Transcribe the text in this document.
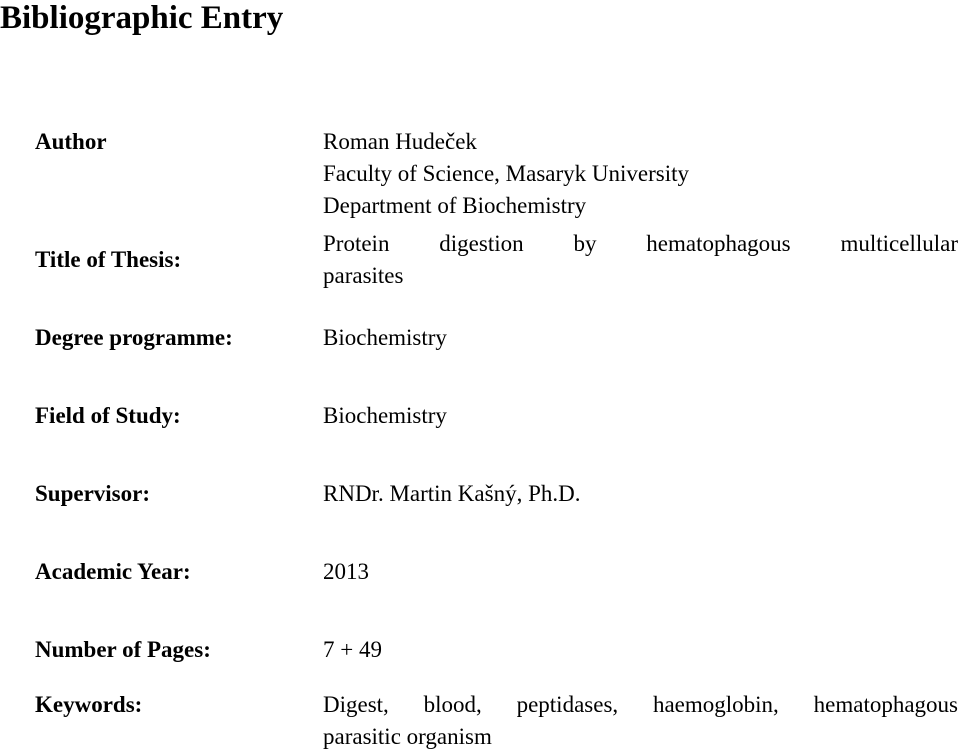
Bibliographic Entry
Author	Roman Hudeček
Faculty of Science, Masaryk University
Department of Biochemistry
Title of Thesis:
Protein digestion by hematophagous multicellular
parasites
Degree programme:	Biochemistry
Field of Study:	Biochemistry
Supervisor:	RNDr. Martin Kašný, Ph.D.
Academic Year:	2013
Number of Pages:	7 + 49
Keywords:	Digest, blood, peptidases, haemoglobin, hematophagous
parasitic organism
